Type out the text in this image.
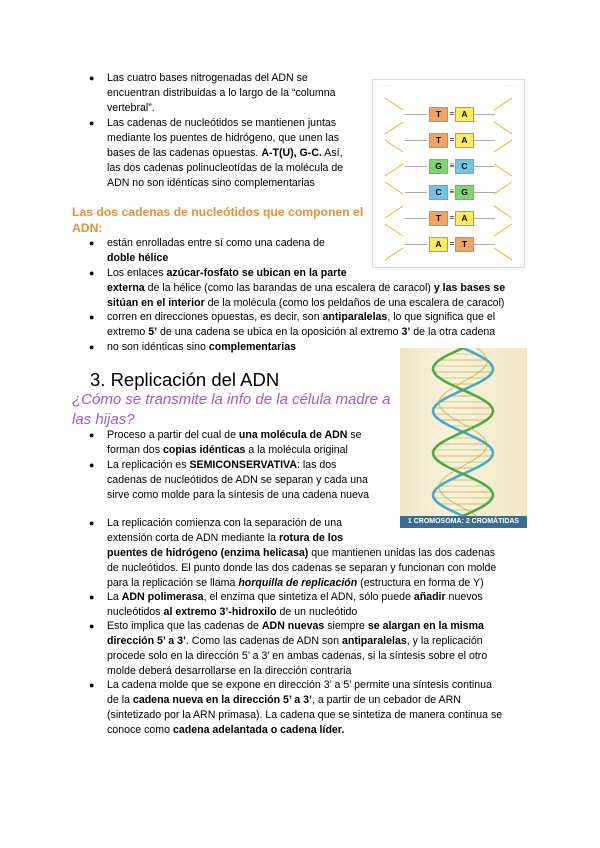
● Las cuatro bases nitrogenadas del ADN se
encuentran distribuidas a lo largo de la “columna
vertebral”.
● Las cadenas de nucleótidos se mantienen juntas
mediante los puentes de hidrógeno, que unen las
bases de las cadenas opuestas. A-T(U), G-C. Así,
las dos cadenas polinucleotídas de la molécula de
ADN no son idénticas sino complementarias
· · · · ·	· · · · ·
T	= A
T	= A
G ≡ C
C	≡ G
T	= A
A	= T
Las dos cadenas de nucleótidos que componen el
ADN:
● están enrolladas entre sí como una cadena de
doble hélice
● Los enlaces azúcar-fosfato se ubican en la parte
externa de la hélice (como las barandas de una escalera de caracol) y las bases se
sitúan en el interior de la molécula (como los peldaños de una escalera de caracol)
● corren en direcciones opuestas, es decir, son antiparalelas, lo que significa que el
extremo 5’ de una cadena se ubica en la oposición al extremo 3’ de la otra cadena
● no son idénticas sino complementarias
1 CROMOSOMA: 2 CROMÁTIDAS
3. Replicación del ADN
¿Cómo se transmite la info de la célula madre a
las hijas?
● Proceso a partir del cual de una molécula de ADN se
forman dos copias idénticas a la molécula original
● La replicación es SEMICONSERVATIVA: las dos
cadenas de nucleótidos de ADN se separan y cada una
sirve como molde para la síntesis de una cadena nueva
● La replicación comienza con la separación de una
extensión corta de ADN mediante la rotura de los
puentes de hidrógeno (enzima helicasa) que mantienen unidas las dos cadenas
de nucleótidos. El punto donde las dos cadenas se separan y funcionan con molde
para la replicación se llama horquilla de replicación (estructura en forma de Y)
● La ADN polimerasa, el enzima que sintetiza el ADN, sólo puede añadir nuevos
nucleótidos al extremo 3’-hidroxilo de un nucleótido
● Esto implica que las cadenas de ADN nuevas siempre se alargan en la misma
dirección 5’ a 3’. Como las cadenas de ADN son antiparalelas, y la replicación
procede solo en la dirección 5’ a 3’ en ambas cadenas, si la síntesis sobre el otro
molde deberá desarrollarse en la dirección contraria
● La cadena molde que se expone en dirección 3’ a 5’ permite una síntesis continua
de la cadena nueva en la dirección 5’ a 3’, a partir de un cebador de ARN
(sintetizado por la ARN primasa). La cadena que se sintetiza de manera continua se
conoce como cadena adelantada o cadena líder.
